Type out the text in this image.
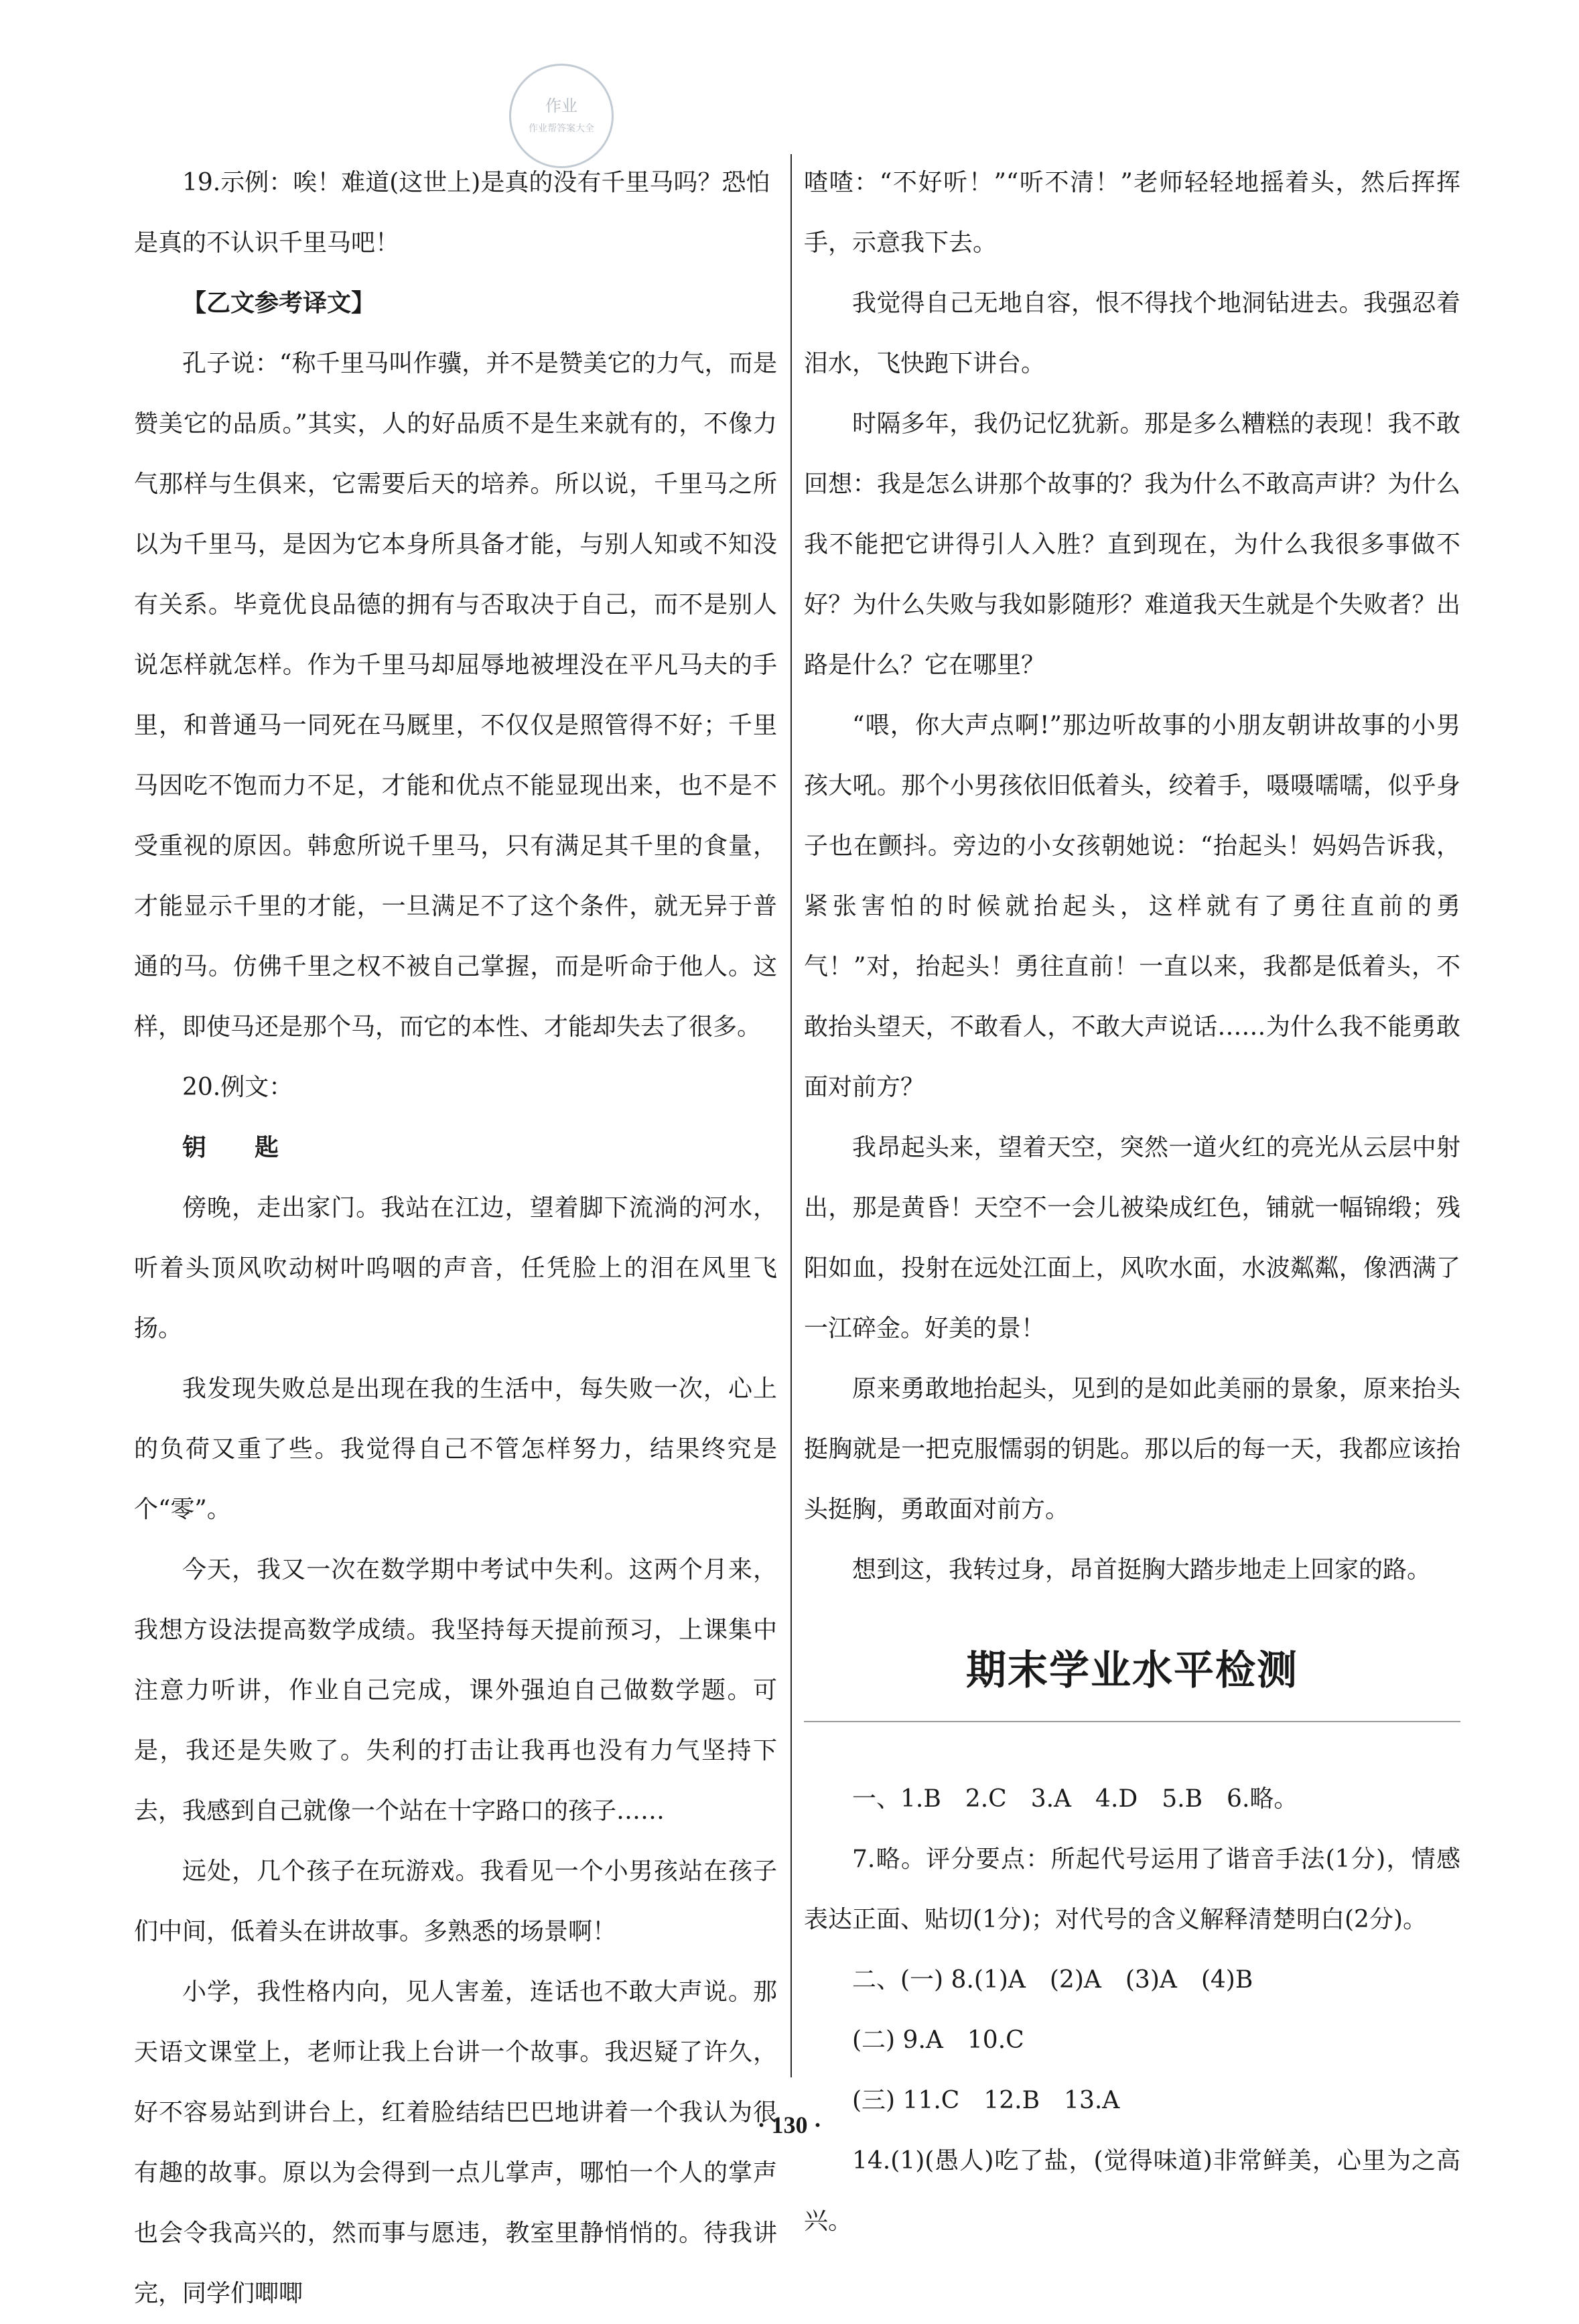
作业
作业帮答案大全

19.示例：唉！难道(这世上)是真的没有千里马吗？恐怕

是真的不认识千里马吧！

【乙文参考译文】

孔子说：“称千里马叫作骥，并不是赞美它的力气，而是赞美它的品质。”其实，人的好品质不是生来就有的，不像力气那样与生俱来，它需要后天的培养。所以说，千里马之所以为千里马，是因为它本身所具备才能，与别人知或不知没有关系。毕竟优良品德的拥有与否取决于自己，而不是别人说怎样就怎样。作为千里马却屈辱地被埋没在平凡马夫的手里，和普通马一同死在马厩里，不仅仅是照管得不好；千里马因吃不饱而力不足，才能和优点不能显现出来，也不是不受重视的原因。韩愈所说千里马，只有满足其千里的食量，才能显示千里的才能，一旦满足不了这个条件，就无异于普通的马。仿佛千里之权不被自己掌握，而是听命于他人。这样，即使马还是那个马，而它的本性、才能却失去了很多。

20.例文：

钥匙

傍晚，走出家门。我站在江边，望着脚下流淌的河水，听着头顶风吹动树叶呜咽的声音，任凭脸上的泪在风里飞扬。

我发现失败总是出现在我的生活中，每失败一次，心上的负荷又重了些。我觉得自己不管怎样努力，结果终究是个“零”。

今天，我又一次在数学期中考试中失利。这两个月来，我想方设法提高数学成绩。我坚持每天提前预习，上课集中注意力听讲，作业自己完成，课外强迫自己做数学题。可是，我还是失败了。失利的打击让我再也没有力气坚持下去，我感到自己就像一个站在十字路口的孩子……

远处，几个孩子在玩游戏。我看见一个小男孩站在孩子们中间，低着头在讲故事。多熟悉的场景啊！

小学，我性格内向，见人害羞，连话也不敢大声说。那天语文课堂上，老师让我上台讲一个故事。我迟疑了许久，好不容易站到讲台上，红着脸结结巴巴地讲着一个我认为很有趣的故事。原以为会得到一点儿掌声，哪怕一个人的掌声也会令我高兴的，然而事与愿违，教室里静悄悄的。待我讲完，同学们唧唧

喳喳：“不好听！”“听不清！”老师轻轻地摇着头，然后挥挥手，示意我下去。

我觉得自己无地自容，恨不得找个地洞钻进去。我强忍着泪水，飞快跑下讲台。

时隔多年，我仍记忆犹新。那是多么糟糕的表现！我不敢回想：我是怎么讲那个故事的？我为什么不敢高声讲？为什么我不能把它讲得引人入胜？直到现在，为什么我很多事做不好？为什么失败与我如影随形？难道我天生就是个失败者？出路是什么？它在哪里？

“喂，你大声点啊!”那边听故事的小朋友朝讲故事的小男孩大吼。那个小男孩依旧低着头，绞着手，嗫嗫嚅嚅，似乎身子也在颤抖。旁边的小女孩朝她说：“抬起头！妈妈告诉我，紧张害怕的时候就抬起头，这样就有了勇往直前的勇气！”对，抬起头！勇往直前！一直以来，我都是低着头，不敢抬头望天，不敢看人，不敢大声说话……为什么我不能勇敢面对前方？

我昂起头来，望着天空，突然一道火红的亮光从云层中射出，那是黄昏！天空不一会儿被染成红色，铺就一幅锦缎；残阳如血，投射在远处江面上，风吹水面，水波粼粼，像洒满了一江碎金。好美的景！

原来勇敢地抬起头，见到的是如此美丽的景象，原来抬头挺胸就是一把克服懦弱的钥匙。那以后的每一天，我都应该抬头挺胸，勇敢面对前方。

想到这，我转过身，昂首挺胸大踏步地走上回家的路。

期末学业水平检测

一、1.B　2.C　3.A　4.D　5.B　6.略。

7.略。评分要点：所起代号运用了谐音手法(1分)，情感表达正面、贴切(1分)；对代号的含义解释清楚明白(2分)。

二、(一) 8.(1)A　(2)A　(3)A　(4)B

(二) 9.A　10.C

(三) 11.C　12.B　13.A

14.(1)(愚人)吃了盐，(觉得味道)非常鲜美，心里为之高兴。

· 130 ·
